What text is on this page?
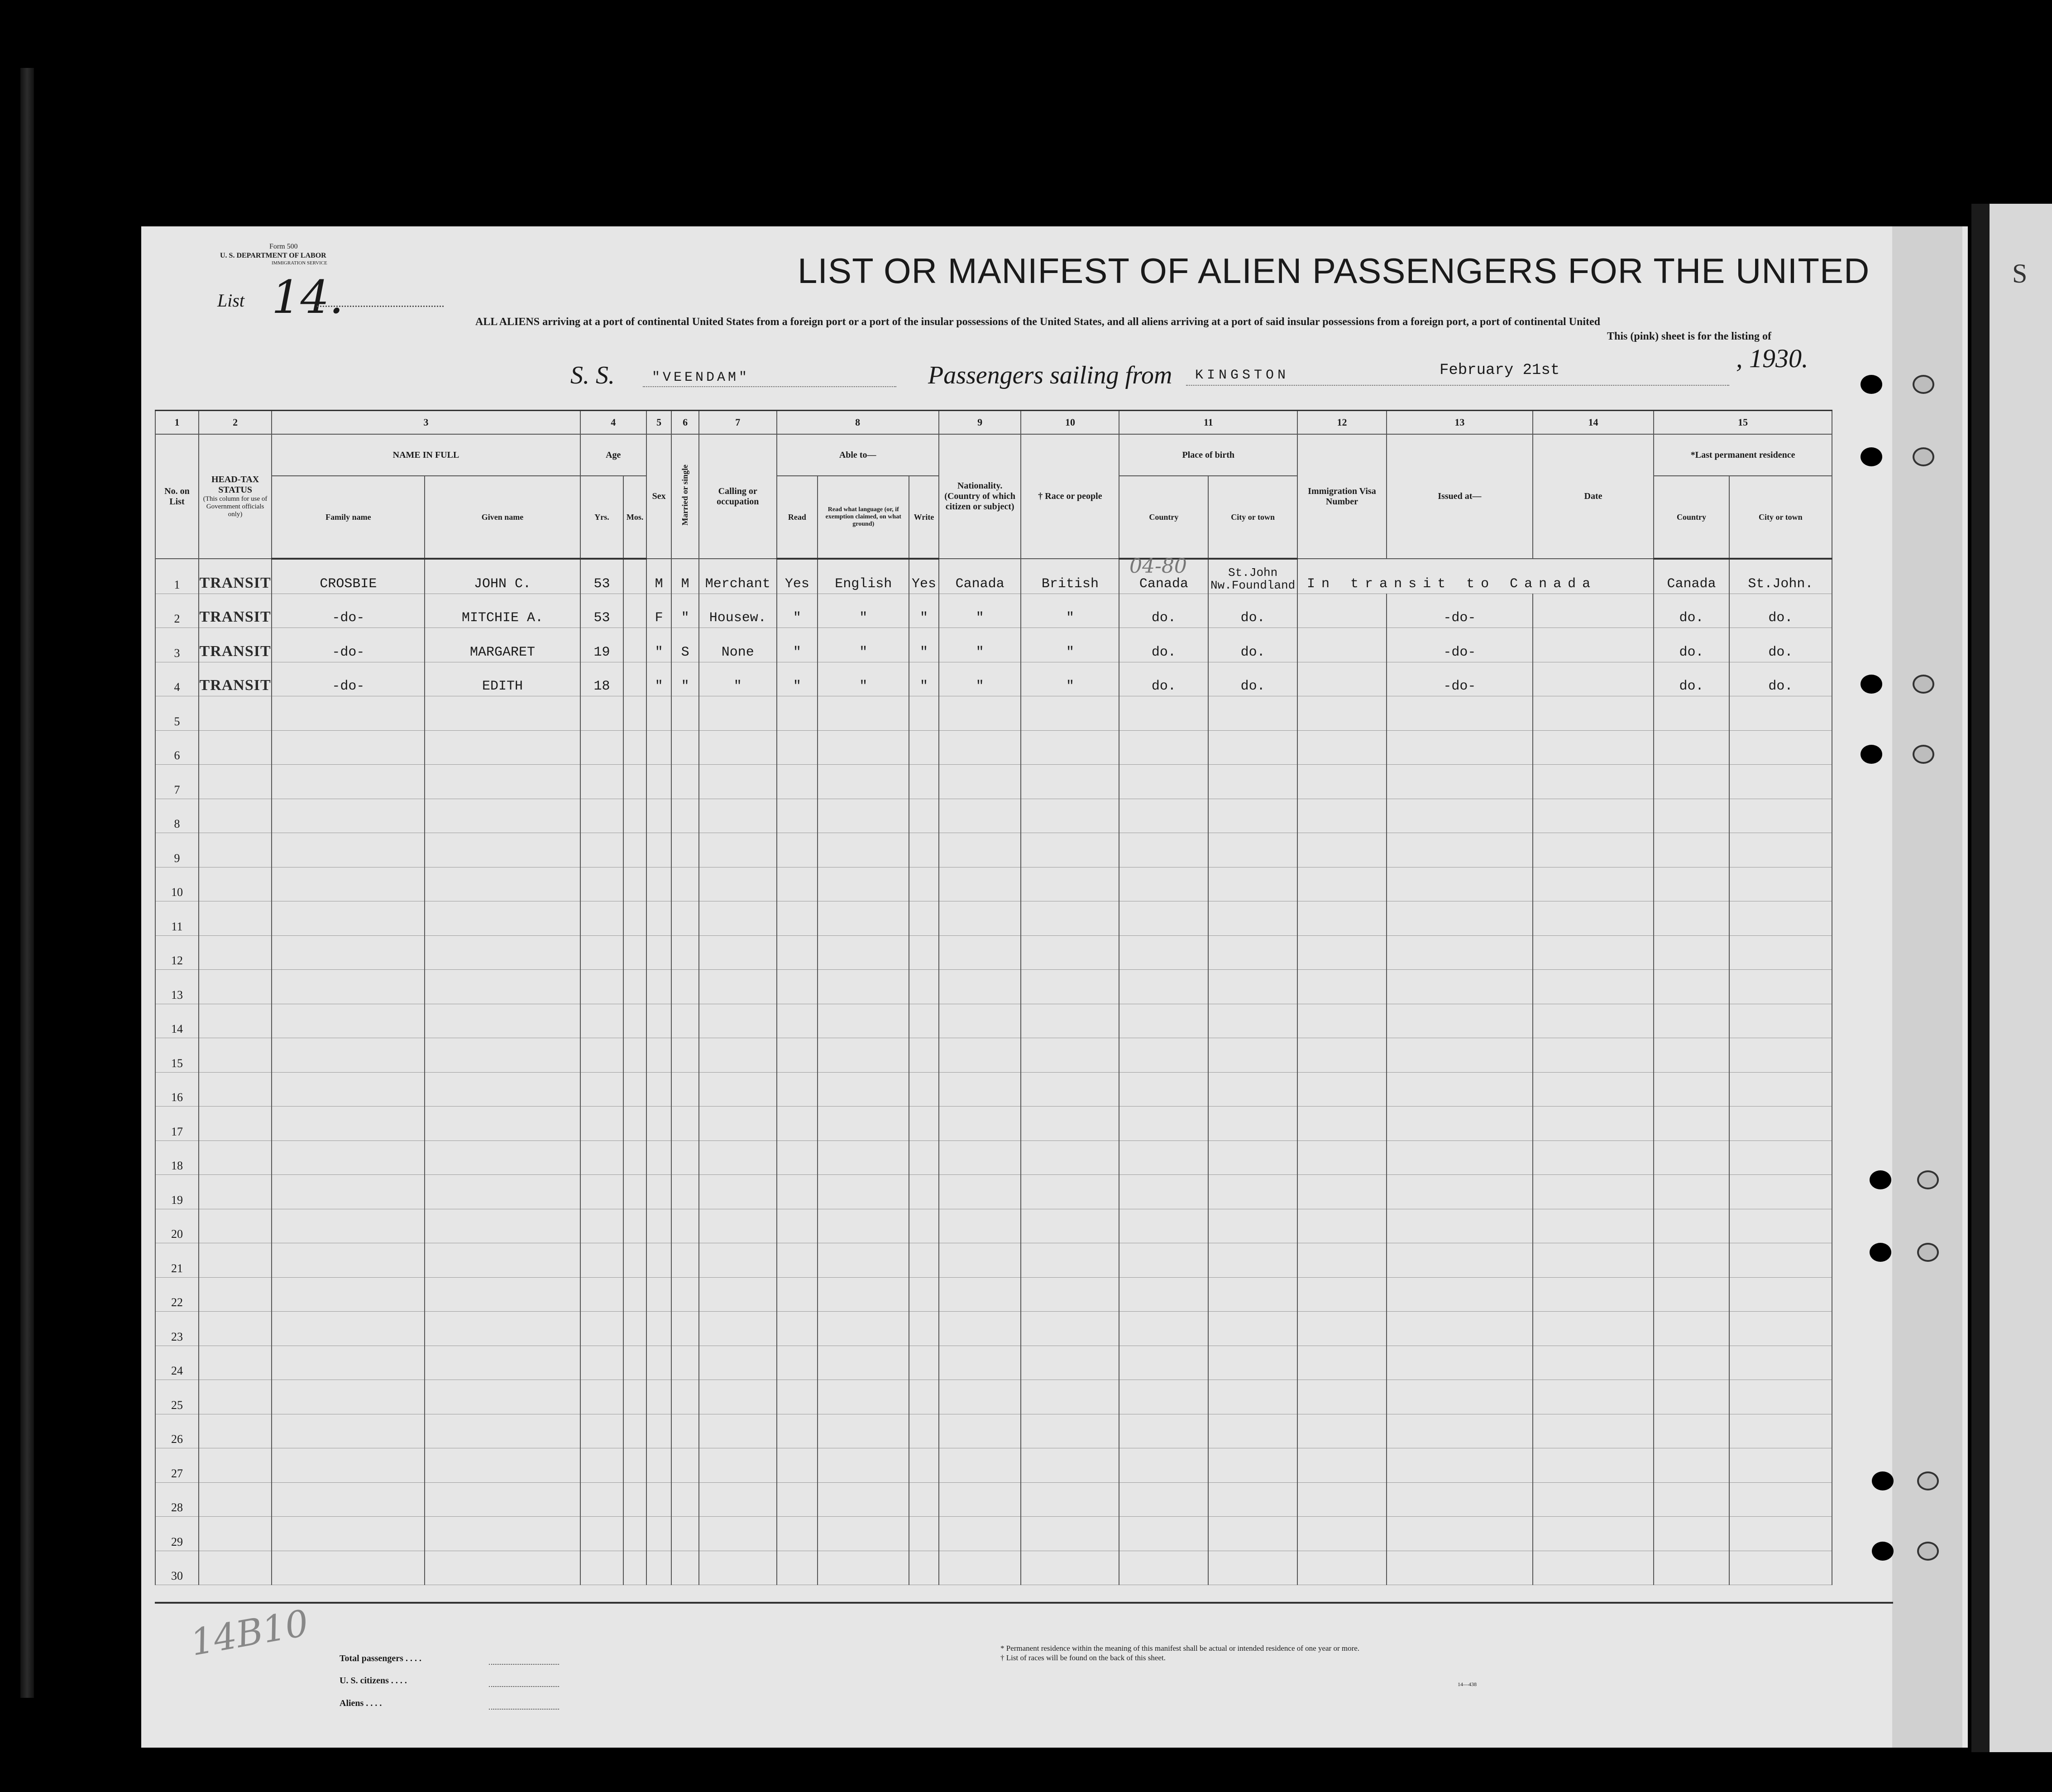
S
Form 500
U. S. DEPARTMENT OF LABOR
IMMIGRATION SERVICE
List 14.	LIST OR MANIFEST OF ALIEN PASSENGERS FOR THE UNITED
ALL ALIENS arriving at a port of continental United States from a foreign port or a port of the insular possessions of the United States, and all aliens arriving at a port of said insular possessions from a foreign port, a port of continental United
This (pink) sheet is for the listing of
S. S.	"VEENDAM"	Passengers sailing from KINGSTON	February 21st	, 1930.
1	2	3		4		5	6	7	8			9	10	11		12	13	14	15	
No. on List	HEAD-TAX STATUS
(This column for use of Government officials only)	NAME IN FULL		Age		Sex	Married or single	Calling or occupation	Able to—			Nationality. (Country of which citizen or subject)	† Race or people	Place of birth		Immigration Visa Number	Issued at—	Date	*Last permanent residence	
		Family name	Given name	Yrs.	Mos.				Read	Read what language (or, if exemption claimed, on what ground)	Write			Country	City or town				Country	City or town
1	TRANSIT	CROSBIE	JOHN C.	53		M	M	Merchant	Yes	English	Yes	Canada	British	Canada	St.John Nw.Foundland	In transit to Canada			Canada	St.John.
2	TRANSIT	-do-	MITCHIE A.	53		F	"	Housew.	"	"	"	"	"	do.	do.		-do-		do.	do.
3	TRANSIT	-do-	MARGARET	19		"	S	None	"	"	"	"	"	do.	do.		-do-		do.	do.
4	TRANSIT	-do-	EDITH	18		"	"	"	"	"	"	"	"	do.	do.		-do-		do.	do.
5																				
6																				
7																				
8																				
9																				
10																				
11																				
12																				
13																				
14																				
15																				
16																				
17																				
18																				
19																				
20																				
21																				
22																				
23																				
24																				
25																				
26																				
27																				
28																				
29																				
30																				
04-80
14B10	Total passengers . . . .
U. S. citizens . . . .
Aliens . . . .
* Permanent residence within the meaning of this manifest shall be actual or intended residence of one year or more.
† List of races will be found on the back of this sheet.
14—438
